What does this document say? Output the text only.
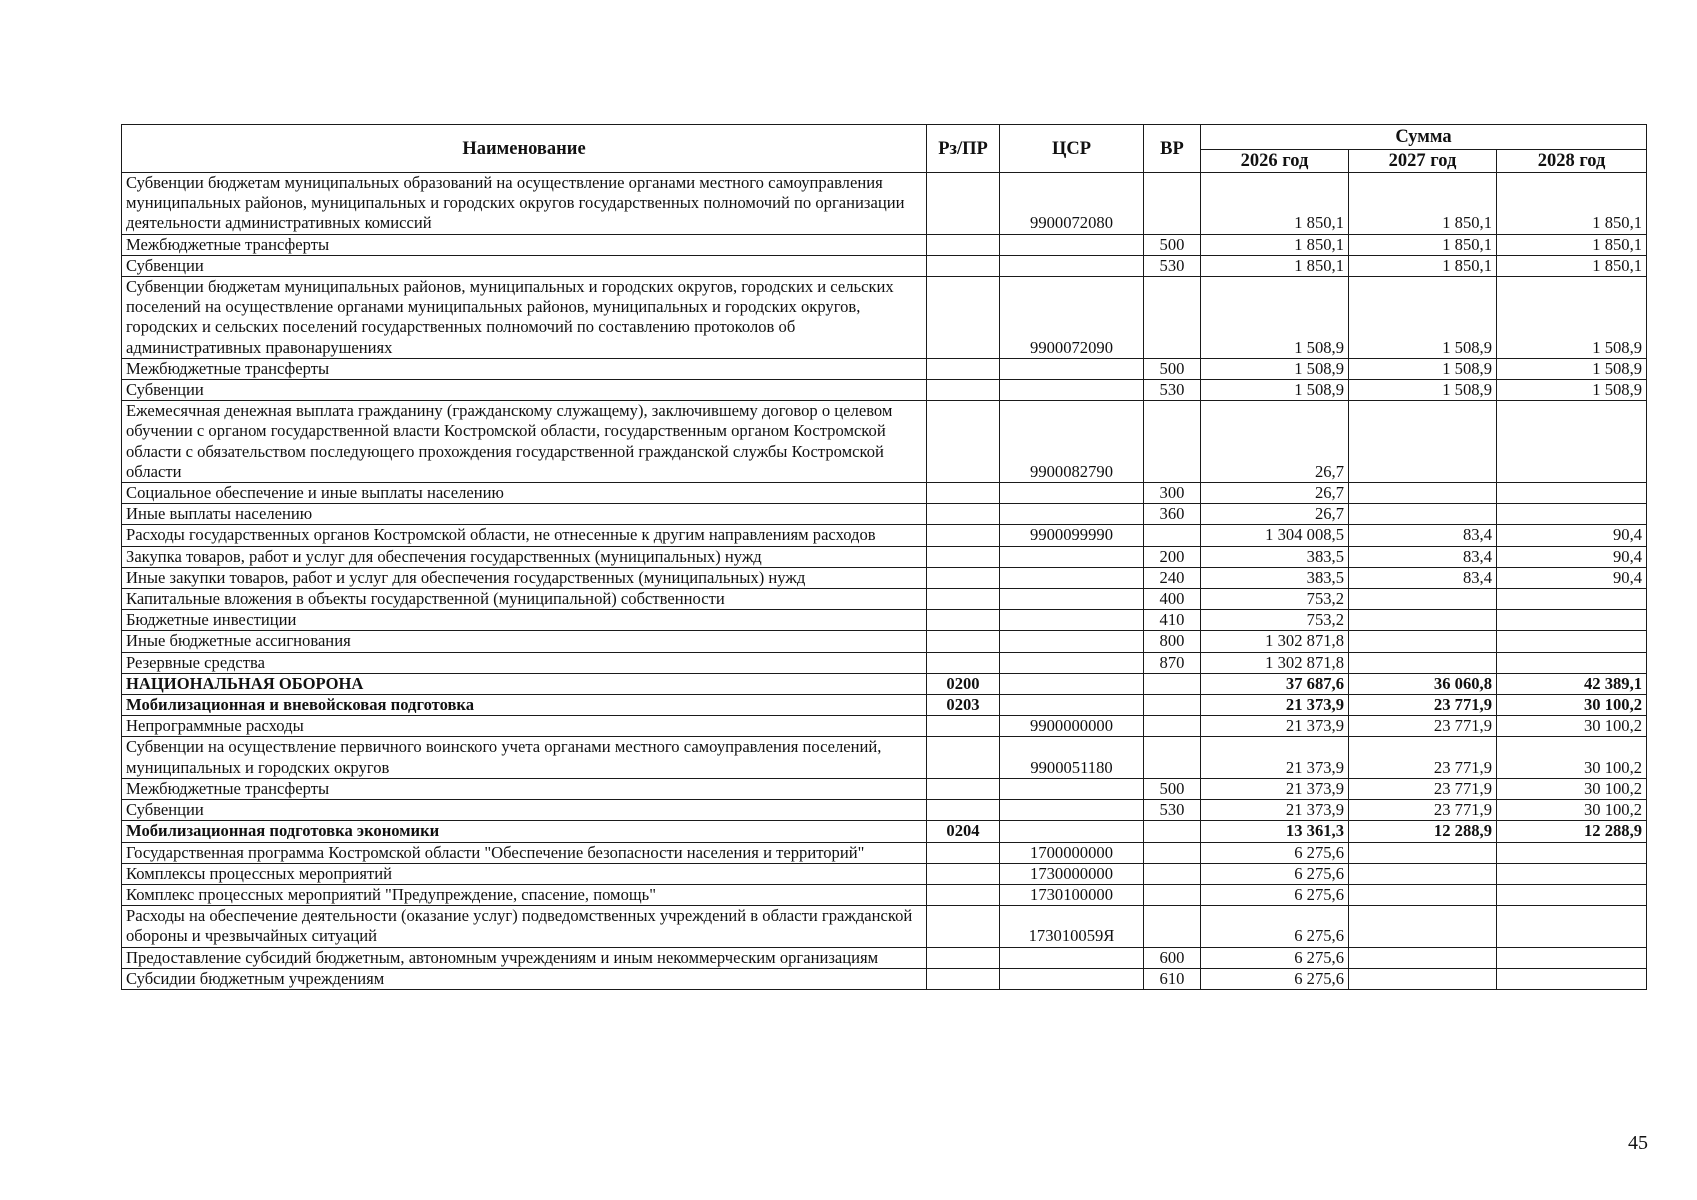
Наименование	Рз/ПР	ЦСР	ВР	Сумма		
				2026 год	2027 год	2028 год
Субвенции бюджетам муниципальных образований на осуществление органами местного самоуправления муниципальных районов, муниципальных и городских округов государственных полномочий по организации деятельности административных комиссий		9900072080		1 850,1	1 850,1	1 850,1
Межбюджетные трансферты			500	1 850,1	1 850,1	1 850,1
Субвенции			530	1 850,1	1 850,1	1 850,1
Субвенции бюджетам муниципальных районов, муниципальных и городских округов, городских и сельских поселений на осуществление органами муниципальных районов, муниципальных и городских округов, городских и сельских поселений государственных полномочий по составлению протоколов об административных правонарушениях		9900072090		1 508,9	1 508,9	1 508,9
Межбюджетные трансферты			500	1 508,9	1 508,9	1 508,9
Субвенции			530	1 508,9	1 508,9	1 508,9
Ежемесячная денежная выплата гражданину (гражданскому служащему), заключившему договор о целевом обучении с органом государственной власти Костромской области, государственным органом Костромской области с обязательством последующего прохождения государственной гражданской службы Костромской области		9900082790		26,7		
Социальное обеспечение и иные выплаты населению			300	26,7		
Иные выплаты населению			360	26,7		
Расходы государственных органов Костромской области, не отнесенные к другим направлениям расходов		9900099990		1 304 008,5	83,4	90,4
Закупка товаров, работ и услуг для обеспечения государственных (муниципальных) нужд			200	383,5	83,4	90,4
Иные закупки товаров, работ и услуг для обеспечения государственных (муниципальных) нужд			240	383,5	83,4	90,4
Капитальные вложения в объекты государственной (муниципальной) собственности			400	753,2		
Бюджетные инвестиции			410	753,2		
Иные бюджетные ассигнования			800	1 302 871,8		
Резервные средства			870	1 302 871,8		
НАЦИОНАЛЬНАЯ ОБОРОНА	0200			37 687,6	36 060,8	42 389,1
Мобилизационная и вневойсковая подготовка	0203			21 373,9	23 771,9	30 100,2
Непрограммные расходы		9900000000		21 373,9	23 771,9	30 100,2
Субвенции на осуществление первичного воинского учета органами местного самоуправления поселений, муниципальных и городских округов		9900051180		21 373,9	23 771,9	30 100,2
Межбюджетные трансферты			500	21 373,9	23 771,9	30 100,2
Субвенции			530	21 373,9	23 771,9	30 100,2
Мобилизационная подготовка экономики	0204			13 361,3	12 288,9	12 288,9
Государственная программа Костромской области "Обеспечение безопасности населения и территорий"		1700000000		6 275,6		
Комплексы процессных мероприятий		1730000000		6 275,6		
Комплекс процессных мероприятий "Предупреждение, спасение, помощь"		1730100000		6 275,6		
Расходы на обеспечение деятельности (оказание услуг) подведомственных учреждений в области гражданской обороны и чрезвычайных ситуаций		173010059Я		6 275,6		
Предоставление субсидий бюджетным, автономным учреждениям и иным некоммерческим организациям			600	6 275,6		
Субсидии бюджетным учреждениям			610	6 275,6		
45
